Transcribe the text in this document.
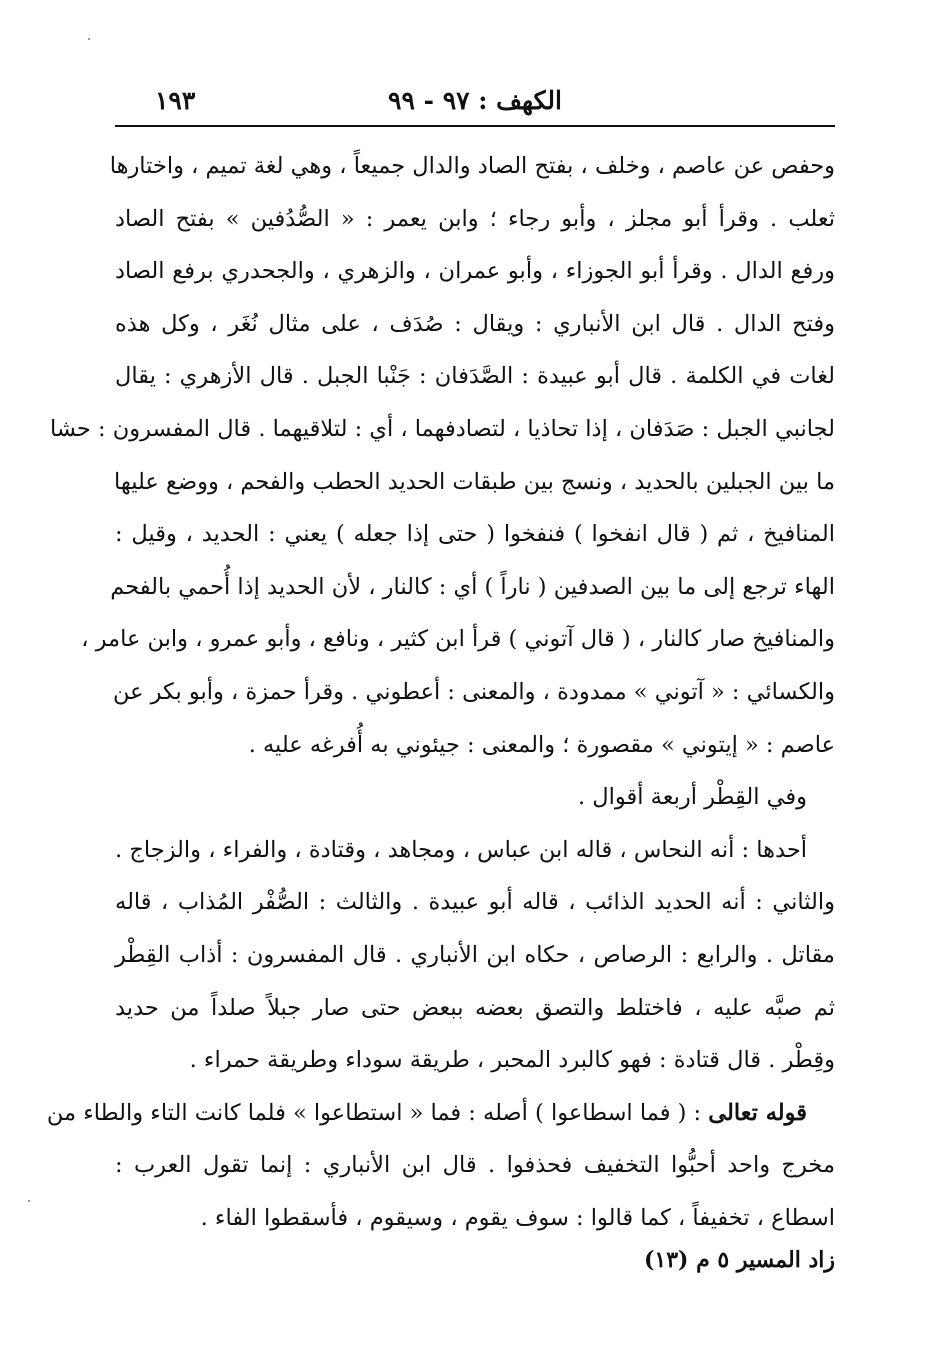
الكهف : ٩٧ - ٩٩
١٩٣
وحفص عن عاصم ، وخلف ، بفتح الصاد والدال جميعاً ، وهي لغة تميم ، واختارها
ثعلب . وقرأ أبو مجلز ، وأبو رجاء ؛ وابن يعمر : « الصُّدُفين » بفتح الصاد
ورفع الدال . وقرأ أبو الجوزاء ، وأبو عمران ، والزهري ، والجحدري برفع الصاد
وفتح الدال . قال ابن الأنباري : ويقال : صُدَف ، على مثال نُغَر ، وكل هذه
لغات في الكلمة . قال أبو عبيدة : الصَّدَفان : جَنْبا الجبل . قال الأزهري : يقال
لجانبي الجبل : صَدَفان ، إذا تحاذيا ، لتصادفهما ، أي : لتلاقيهما . قال المفسرون : حشا
ما بين الجبلين بالحديد ، ونسج بين طبقات الحديد الحطب والفحم ، ووضع عليها
المنافيخ ، ثم ( قال انفخوا ) فنفخوا ( حتى إذا جعله ) يعني : الحديد ، وقيل :
الهاء ترجع إلى ما بين الصدفين ( ناراً ) أي : كالنار ، لأن الحديد إذا أُحمي بالفحم
والمنافيخ صار كالنار ، ( قال آتوني ) قرأ ابن كثير ، ونافع ، وأبو عمرو ، وابن عامر ،
والكسائي : « آتوني » ممدودة ، والمعنى : أعطوني . وقرأ حمزة ، وأبو بكر عن
عاصم : « إيتوني » مقصورة ؛ والمعنى : جيئوني به أُفرغه عليه .
وفي القِطْر أربعة أقوال .
أحدها : أنه النحاس ، قاله ابن عباس ، ومجاهد ، وقتادة ، والفراء ، والزجاج .
والثاني : أنه الحديد الذائب ، قاله أبو عبيدة . والثالث : الصُّفْر المُذاب ، قاله
مقاتل . والرابع : الرصاص ، حكاه ابن الأنباري . قال المفسرون : أذاب القِطْر
ثم صبَّه عليه ، فاختلط والتصق بعضه ببعض حتى صار جبلاً صلداً من حديد
وقِطْر . قال قتادة : فهو كالبرد المحبر ، طريقة سوداء وطريقة حمراء .
قوله تعالى : ( فما اسطاعوا ) أصله : فما « استطاعوا » فلما كانت التاء والطاء من
مخرج واحد أحبُّوا التخفيف فحذفوا . قال ابن الأنباري : إنما تقول العرب :
اسطاع ، تخفيفاً ، كما قالوا : سوف يقوم ، وسيقوم ، فأسقطوا الفاء .
زاد المسير ٥ م (١٣)
